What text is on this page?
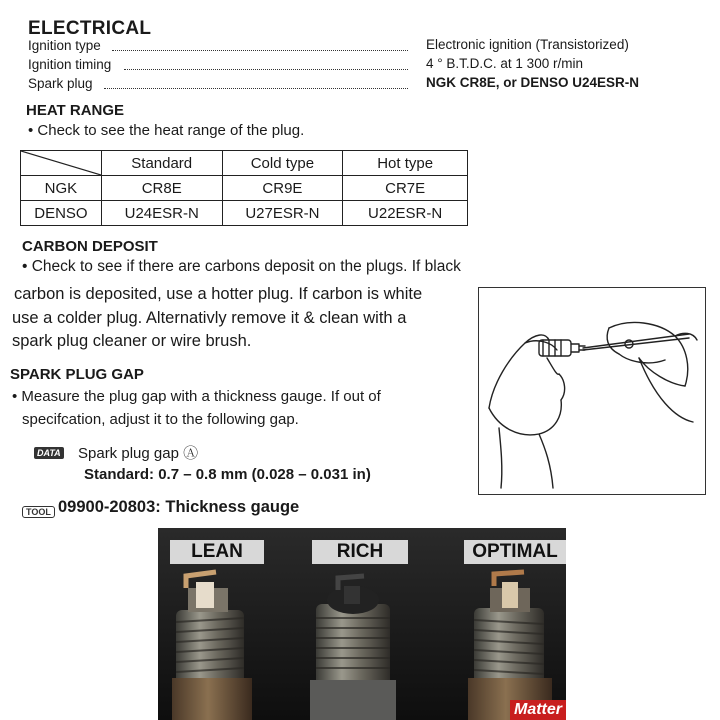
ELECTRICAL
Ignition type	Electronic ignition (Transistorized)
Ignition timing	4 ° B.T.D.C. at 1 300 r/min
Spark plug	NGK CR8E, or DENSO U24ESR-N
HEAT RANGE
• Check to see the heat range of the plug.
	Standard	Cold type	Hot type
NGK	CR8E	CR9E	CR7E
DENSO	U24ESR-N	U27ESR-N	U22ESR-N
CARBON DEPOSIT
• Check to see if there are carbons deposit on the plugs. If black
carbon is deposited, use a hotter plug. If carbon is white
use a colder plug. Alternativly remove it & clean with a
spark plug cleaner or wire brush.
SPARK PLUG GAP
• Measure the plug gap with a thickness gauge. If out of
specifcation, adjust it to the following gap.
DATA Spark plug gap Ⓐ
Standard: 0.7 – 0.8 mm (0.028 – 0.031 in)
TOOL 09900-20803: Thickness gauge
LEAN	RICH	OPTIMAL
Matter
